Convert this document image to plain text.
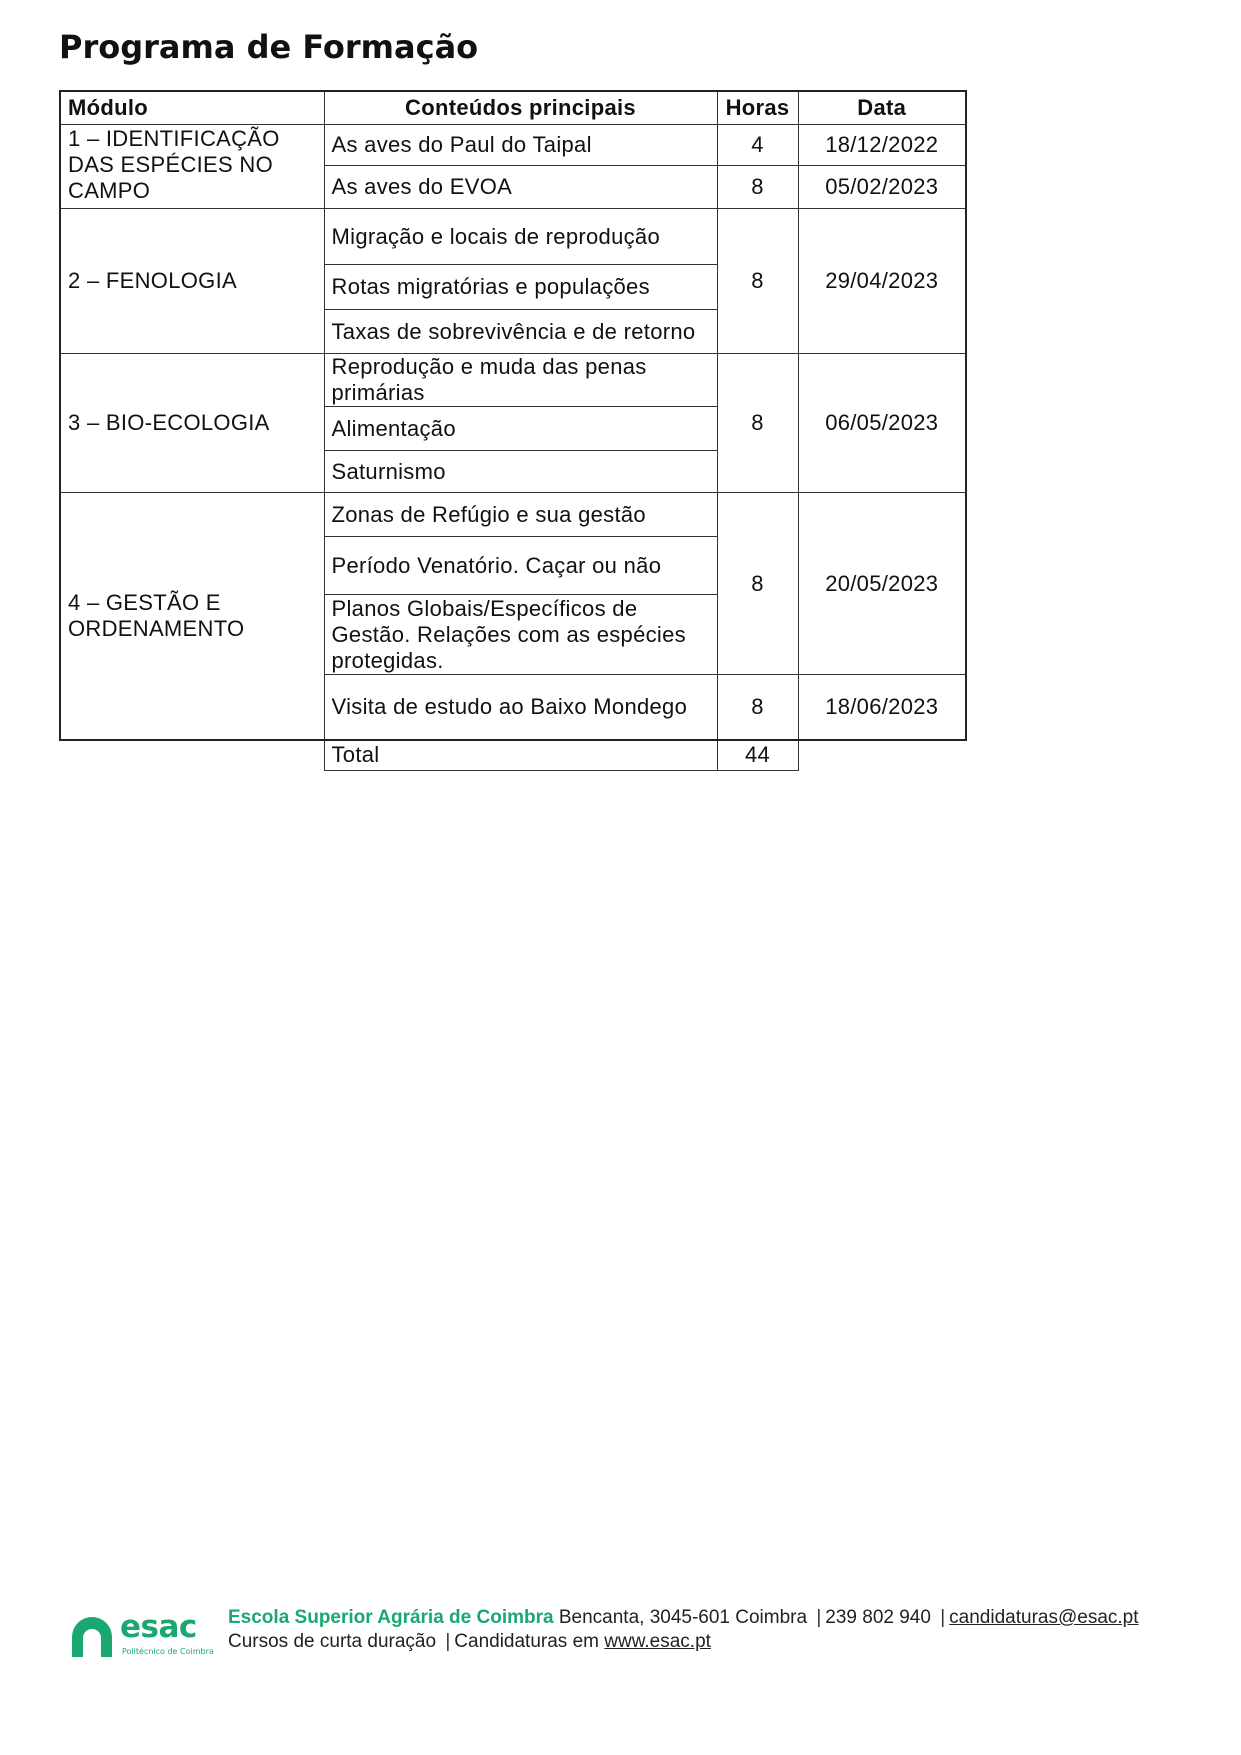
Programa de Formação
Módulo	Conteúdos principais	Horas	Data
1 – IDENTIFICAÇÃO DAS ESPÉCIES NO CAMPO	As aves do Paul do Taipal	4	18/12/2022
	As aves do EVOA	8	05/02/2023
2 – FENOLOGIA	Migração e locais de reprodução	8	29/04/2023
	Rotas migratórias e populações		
	Taxas de sobrevivência e de retorno		
3 – BIO-ECOLOGIA	Reprodução e muda das penas primárias	8	06/05/2023
	Alimentação		
	Saturnismo		
4 – GESTÃO E ORDENAMENTO	Zonas de Refúgio e sua gestão	8	20/05/2023
	Período Venatório. Caçar ou não		
	Planos Globais/Específicos de Gestão. Relações com as espécies protegidas.		
	Visita de estudo ao Baixo Mondego	8	18/06/2023
	Total	44	
esac
Politécnico de Coimbra
Escola Superior Agrária de Coimbra Bencanta, 3045-601 Coimbra | 239 802 940 | candidaturas@esac.pt
Cursos de curta duração | Candidaturas em www.esac.pt
